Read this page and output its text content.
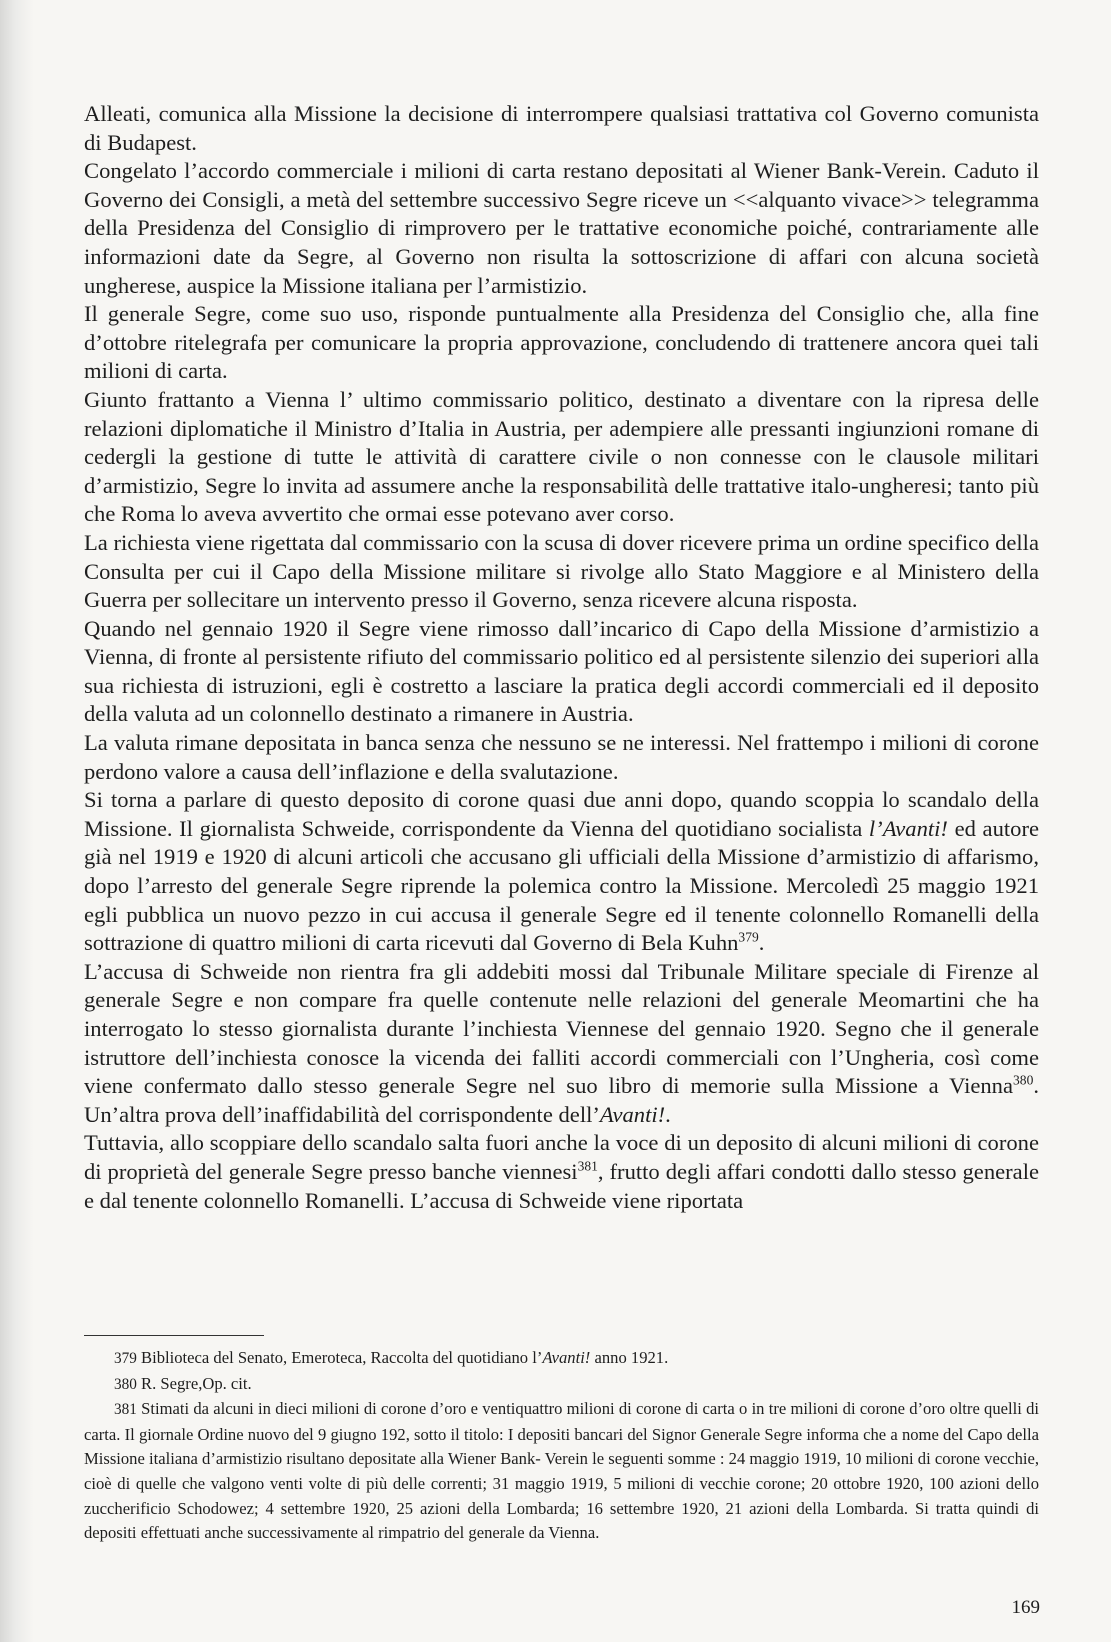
Alleati, comunica alla Missione la decisione di interrompere qualsiasi trattativa col Governo comunista di Budapest.

Congelato l’accordo commerciale i milioni di carta restano depositati al Wiener Bank-Verein. Caduto il Governo dei Consigli, a metà del settembre successivo Segre riceve un <<alquanto vivace>> telegramma della Presidenza del Consiglio di rimprovero per le trattative economiche poiché, contrariamente alle informazioni date da Segre, al Governo non risulta la sottoscrizione di affari con alcuna società ungherese, auspice la Missione italiana per l’armistizio.

Il generale Segre, come suo uso, risponde puntualmente alla Presidenza del Consiglio che, alla fine d’ottobre ritelegrafa per comunicare la propria approvazione, concludendo di trattenere ancora quei tali milioni di carta.

Giunto frattanto a Vienna l’ ultimo commissario politico, destinato a diventare con la ripresa delle relazioni diplomatiche il Ministro d’Italia in Austria, per adempiere alle pressanti ingiunzioni romane di cedergli la gestione di tutte le attività di carattere civile o non connesse con le clausole militari d’armistizio, Segre lo invita ad assumere anche la responsabilità delle trattative italo-ungheresi; tanto più che Roma lo aveva avvertito che ormai esse potevano aver corso.

La richiesta viene rigettata dal commissario con la scusa di dover ricevere prima un ordine specifico della Consulta per cui il Capo della Missione militare si rivolge allo Stato Maggiore e al Ministero della Guerra per sollecitare un intervento presso il Governo, senza ricevere alcuna risposta.

Quando nel gennaio 1920 il Segre viene rimosso dall’incarico di Capo della Missione d’armistizio a Vienna, di fronte al persistente rifiuto del commissario politico ed al persistente silenzio dei superiori alla sua richiesta di istruzioni, egli è costretto a lasciare la pratica degli accordi commerciali ed il deposito della valuta ad un colonnello destinato a rimanere in Austria.

La valuta rimane depositata in banca senza che nessuno se ne interessi. Nel frattempo i milioni di corone perdono valore a causa dell’inflazione e della svalutazione.

Si torna a parlare di questo deposito di corone quasi due anni dopo, quando scoppia lo scandalo della Missione. Il giornalista Schweide, corrispondente da Vienna del quotidiano socialista l’Avanti! ed autore già nel 1919 e 1920 di alcuni articoli che accusano gli ufficiali della Missione d’armistizio di affarismo, dopo l’arresto del generale Segre riprende la polemica contro la Missione. Mercoledì 25 maggio 1921 egli pubblica un nuovo pezzo in cui accusa il generale Segre ed il tenente colonnello Romanelli della sottrazione di quattro milioni di carta ricevuti dal Governo di Bela Kuhn$^{379}$.

L’accusa di Schweide non rientra fra gli addebiti mossi dal Tribunale Militare speciale di Firenze al generale Segre e non compare fra quelle contenute nelle relazioni del generale Meomartini che ha interrogato lo stesso giornalista durante l’inchiesta Viennese del gennaio 1920. Segno che il generale istruttore dell’inchiesta conosce la vicenda dei falliti accordi commerciali con l’Ungheria, così come viene confermato dallo stesso generale Segre nel suo libro di memorie sulla Missione a Vienna$^{380}$. Un’altra prova dell’inaffidabilità del corrispondente dell’Avanti!.

Tuttavia, allo scoppiare dello scandalo salta fuori anche la voce di un deposito di alcuni milioni di corone di proprietà del generale Segre presso banche viennesi$^{381}$, frutto degli affari condotti dallo stesso generale e dal tenente colonnello Romanelli. L’accusa di Schweide viene riportata

379 Biblioteca del Senato, Emeroteca, Raccolta del quotidiano l’Avanti! anno 1921.

380 R. Segre,Op. cit.

381 Stimati da alcuni in dieci milioni di corone d’oro e ventiquattro milioni di corone di carta o in tre milioni di corone d’oro oltre quelli di carta. Il giornale Ordine nuovo del 9 giugno 192, sotto il titolo: I depositi bancari del Signor Generale Segre informa che a nome del Capo della Missione italiana d’armistizio risultano depositate alla Wiener Bank- Verein le seguenti somme : 24 maggio 1919, 10 milioni di corone vecchie, cioè di quelle che valgono venti volte di più delle correnti; 31 maggio 1919, 5 milioni di vecchie corone; 20 ottobre 1920, 100 azioni dello zuccherificio Schodowez; 4 settembre 1920, 25 azioni della Lombarda; 16 settembre 1920, 21 azioni della Lombarda. Si tratta quindi di depositi effettuati anche successivamente al rimpatrio del generale da Vienna.

169
